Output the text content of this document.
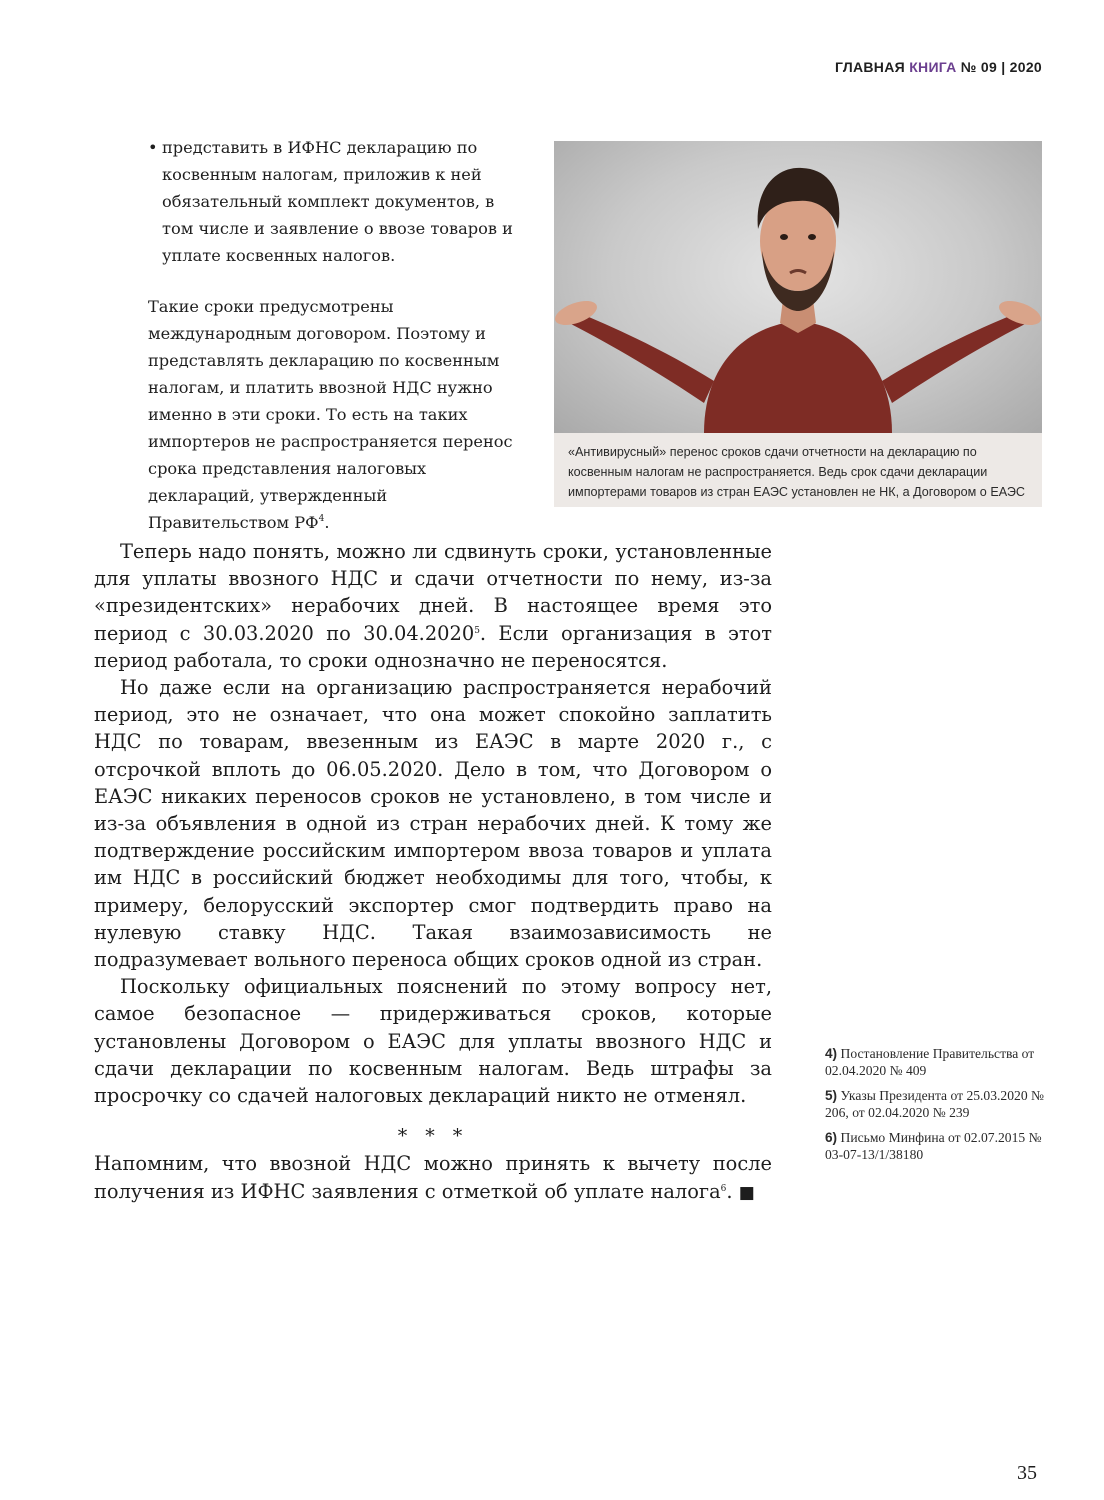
ГЛАВНАЯ КНИГА № 09 | 2020
• представить в ИФНС декларацию по косвенным налогам, приложив к ней обязательный комплект документов, в том числе и заявление о ввозе товаров и уплате косвенных налогов.

Такие сроки предусмотрены международным договором. Поэтому и представлять декларацию по косвенным налогам, и платить ввозной НДС нужно именно в эти сроки. То есть на таких импортеров не распространяется перенос срока представления налоговых деклараций, утвержденный Правительством $РФ^4$.

«Антивирусный» перенос сроков сдачи отчетности на декларацию по косвенным налогам не распространяется. Ведь срок сдачи декларации импортерами товаров из стран ЕАЭС установлен не НК, а Договором о ЕАЭС

Теперь надо понять, можно ли сдвинуть сроки, установленные для уплаты ввозного НДС и сдачи отчетности по нему, из-за «президентских» нерабочих дней. В настоящее время это период с 30.03.2020 по 30.04.2020$^5$. Если организация в этот период работала, то сроки однозначно не переносятся.

Но даже если на организацию распространяется нерабочий период, это не означает, что она может спокойно заплатить НДС по товарам, ввезенным из ЕАЭС в марте 2020 г., с отсрочкой вплоть до 06.05.2020. Дело в том, что Договором о ЕАЭС никаких переносов сроков не установлено, в том числе и из-за объявления в одной из стран нерабочих дней. К тому же подтверждение российским импортером ввоза товаров и уплата им НДС в российский бюджет необходимы для того, чтобы, к примеру, белорусский экспортер смог подтвердить право на нулевую ставку НДС. Такая взаимозависимость не подразумевает вольного переноса общих сроков одной из стран.

Поскольку официальных пояснений по этому вопросу нет, самое безопасное — придерживаться сроков, которые установлены Договором о ЕАЭС для уплаты ввозного НДС и сдачи декларации по косвенным налогам. Ведь штрафы за просрочку со сдачей налоговых деклараций никто не отменял.

* * *

Напомним, что ввозной НДС можно принять к вычету после получения из ИФНС заявления с отметкой об уплате налога$^6$. ■

4) Постановление Правительства от 02.04.2020 № 409
5) Указы Президента от 25.03.2020 № 206, от 02.04.2020 № 239
6) Письмо Минфина от 02.07.2015 № 03-07-13/1/38180
35
